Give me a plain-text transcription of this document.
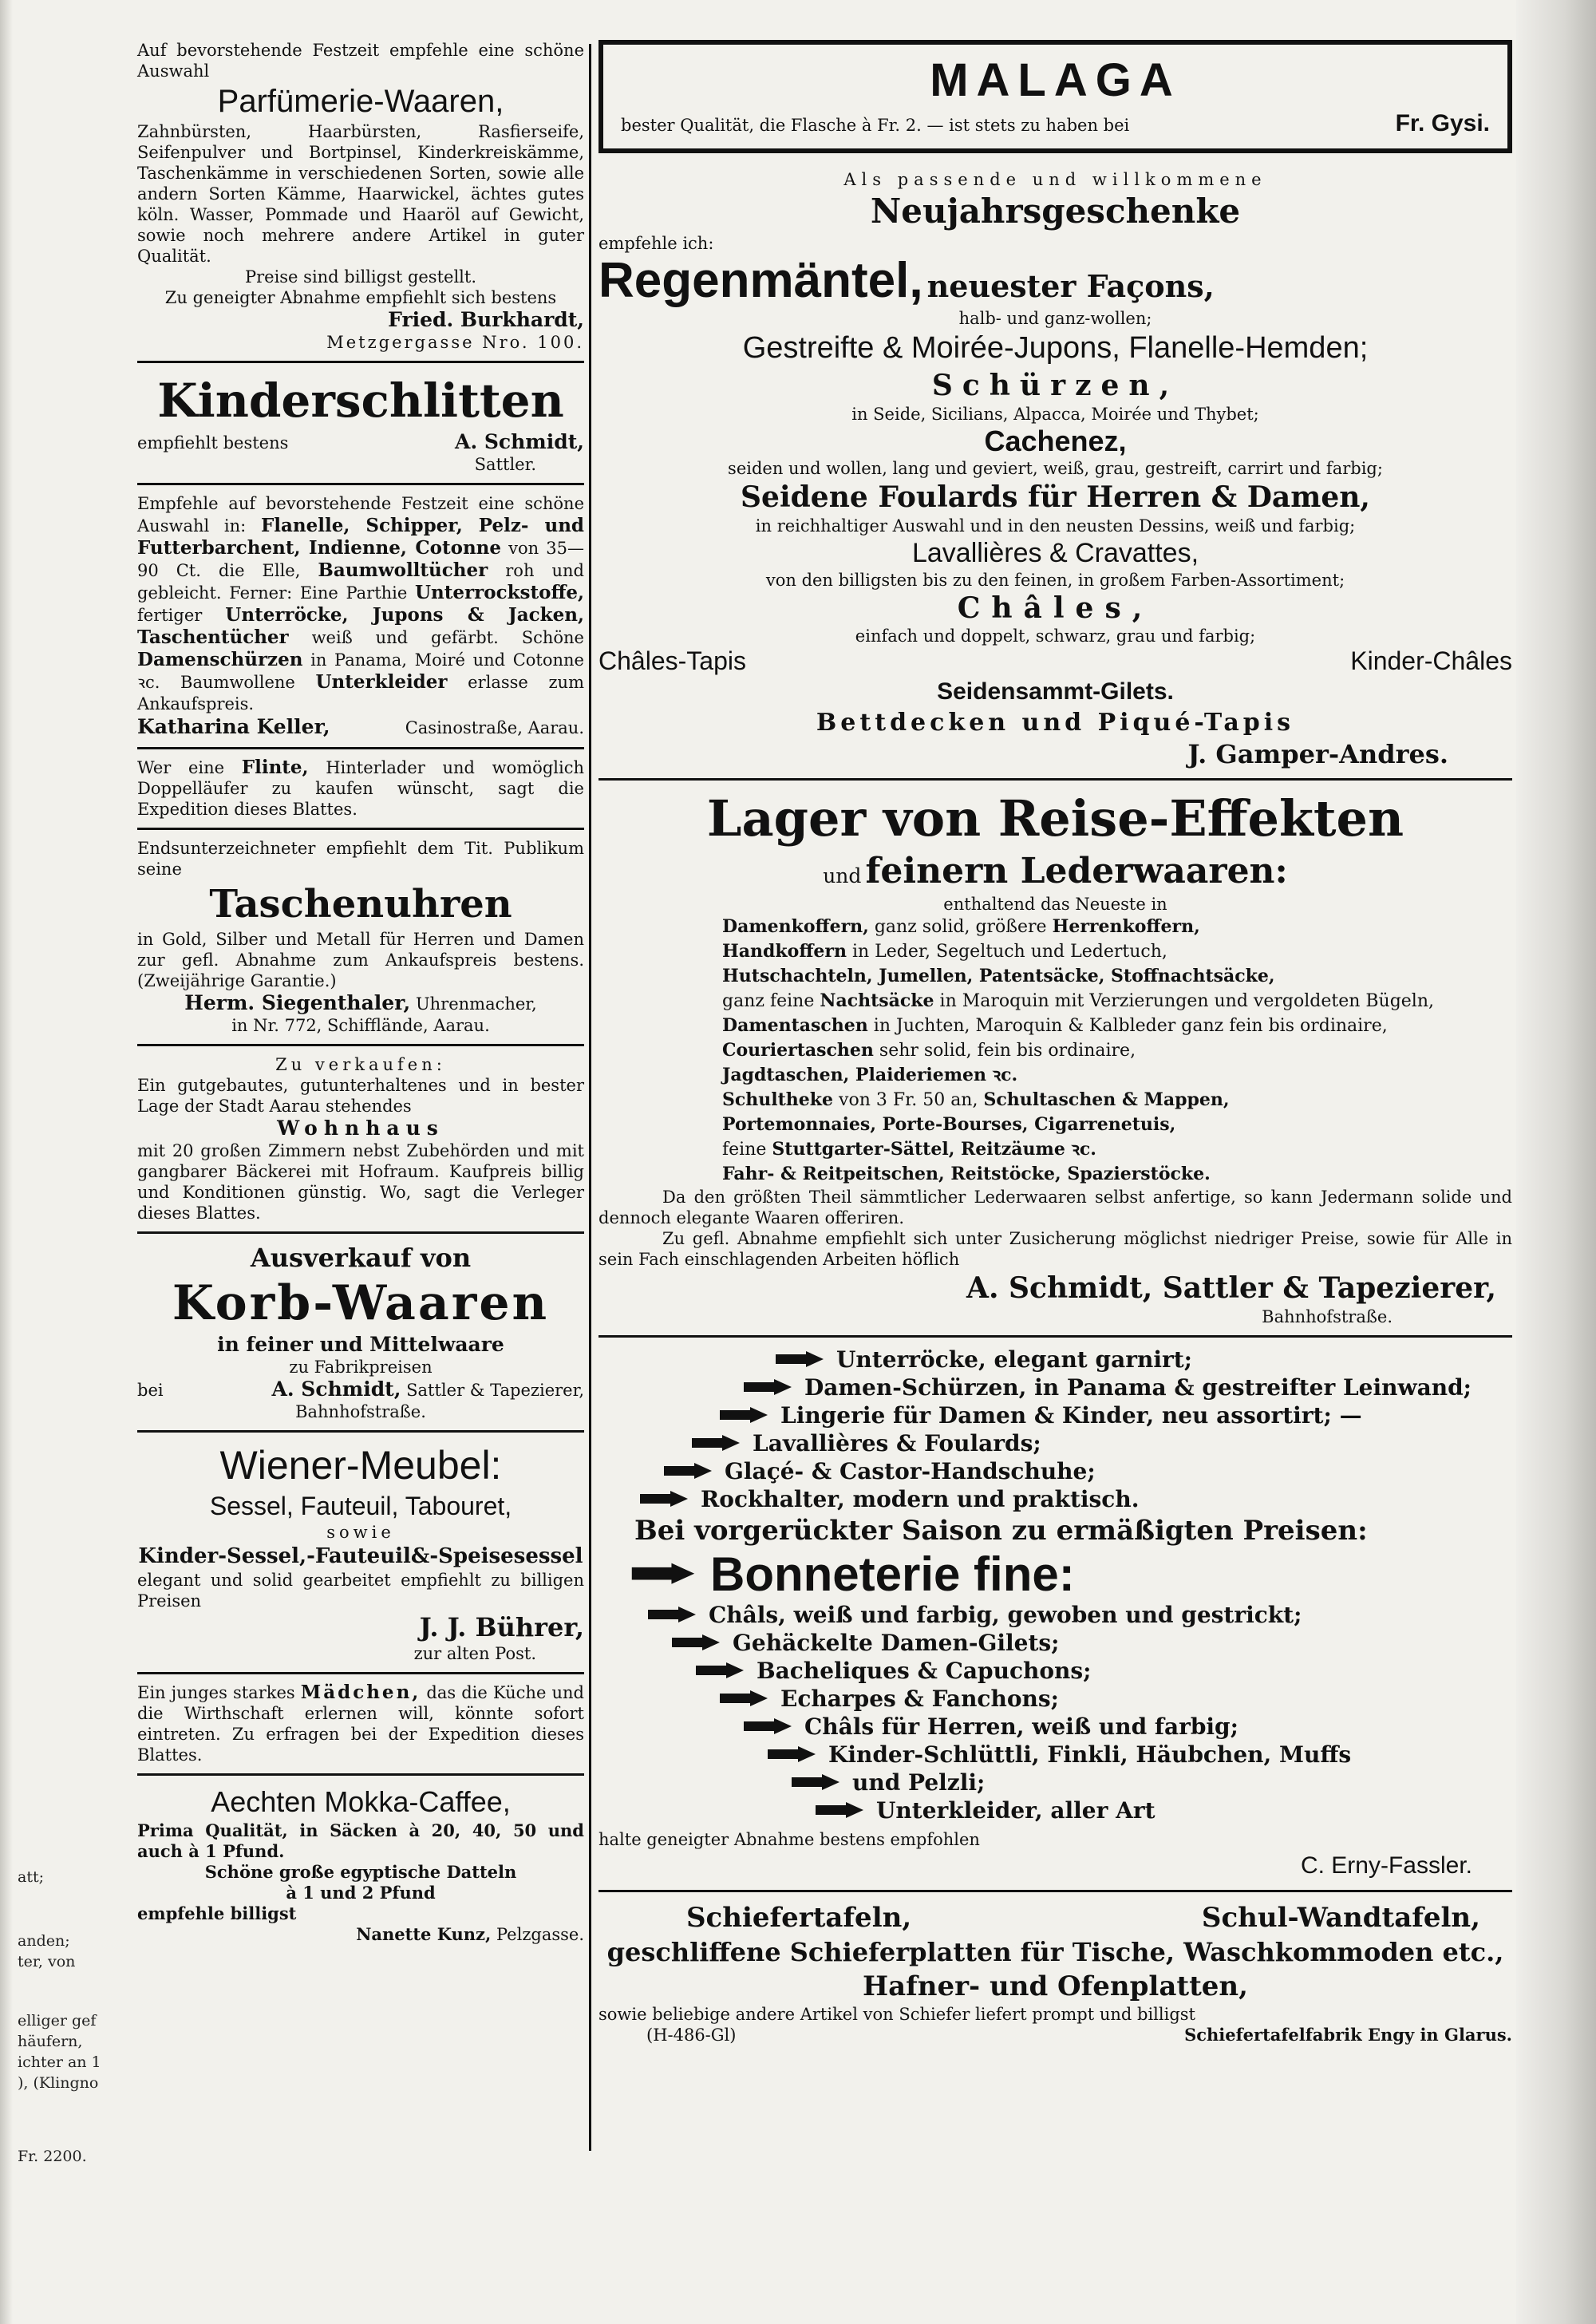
att;
anden;
ter, von
elliger gef
häufern,
ichter an 1
), (Klingno
Fr. 2200.
Auf bevorstehende Festzeit empfehle eine schöne Auswahl
Parfümerie-Waaren,
Zahnbürsten, Haarbürsten, Rasfierseife, Seifenpulver und Bortpinsel, Kinderkreiskämme, Taschenkämme in verschiedenen Sorten, sowie alle andern Sorten Kämme, Haarwickel, ächtes gutes köln. Wasser, Pommade und Haaröl auf Gewicht, sowie noch mehrere andere Artikel in guter Qualität.
Preise sind billigst gestellt.
Zu geneigter Abnahme empfiehlt sich bestens
Fried. Burkhardt,
Metzgergasse Nro. 100.
Kinderschlitten
empfiehlt bestens	A. Schmidt,
Sattler.
Empfehle auf bevorstehende Festzeit eine schöne Auswahl in: Flanelle, Schipper, Pelz- und Futterbarchent, Indienne, Cotonne von 35—90 Ct. die Elle, Baumwolltücher roh und gebleicht. Ferner: Eine Parthie Unterrockstoffe, fertiger Unterröcke, Jupons & Jacken, Taschentücher weiß und gefärbt. Schöne Damenschürzen in Panama, Moiré und Cotonne ꝛc. Baumwollene Unterkleider erlasse zum Ankaufspreis.
Katharina Keller,	Casinostraße, Aarau.
Wer eine Flinte, Hinterlader und womöglich Doppelläufer zu kaufen wünscht, sagt die Expedition dieses Blattes.
Endsunterzeichneter empfiehlt dem Tit. Publikum seine
Taschenuhren
in Gold, Silber und Metall für Herren und Damen zur gefl. Abnahme zum Ankaufspreis bestens. (Zweijährige Garantie.)
Herm. Siegenthaler, Uhrenmacher,
in Nr. 772, Schifflände, Aarau.
Zu verkaufen:
Ein gutgebautes, gutunterhaltenes und in bester Lage der Stadt Aarau stehendes
Wohnhaus
mit 20 großen Zimmern nebst Zubehörden und mit gangbarer Bäckerei mit Hofraum. Kaufpreis billig und Konditionen günstig. Wo, sagt die Verleger dieses Blattes.
Ausverkauf von
Korb-Waaren
in feiner und Mittelwaare
zu Fabrikpreisen
bei	A. Schmidt, Sattler & Tapezierer,
Bahnhofstraße.
Wiener-Meubel:
Sessel, Fauteuil, Tabouret,
sowie
Kinder-Sessel,-Fauteuil&-Speisesessel
elegant und solid gearbeitet empfiehlt zu billigen Preisen
J. J. Bührer,
zur alten Post.
Ein junges starkes Mädchen, das die Küche und die Wirthschaft erlernen will, könnte sofort eintreten. Zu erfragen bei der Expedition dieses Blattes.
Aechten Mokka-Caffee,
Prima Qualität, in Säcken à 20, 40, 50 und auch à 1 Pfund.
Schöne große egyptische Datteln
à 1 und 2 Pfund
empfehle billigst
Nanette Kunz, Pelzgasse.
MALAGA
bester Qualität, die Flasche à Fr. 2. — ist stets zu haben bei	Fr. Gysi.
Als passende und willkommene
Neujahrsgeschenke
empfehle ich:
Regenmäntel, neuester Façons,
halb- und ganz-wollen;
Gestreifte & Moirée-Jupons, Flanelle-Hemden;
Schürzen,
in Seide, Sicilians, Alpacca, Moirée und Thybet;
Cachenez,
seiden und wollen, lang und geviert, weiß, grau, gestreift, carrirt und farbig;
Seidene Foulards für Herren & Damen,
in reichhaltiger Auswahl und in den neusten Dessins, weiß und farbig;
Lavallières & Cravattes,
von den billigsten bis zu den feinen, in großem Farben-Assortiment;
Châles,
einfach und doppelt, schwarz, grau und farbig;
Châles-Tapis	Kinder-Châles
Seidensammt-Gilets.
Bettdecken und Piqué-Tapis
J. Gamper-Andres.
Lager von Reise-Effekten
und feinern Lederwaaren:
enthaltend das Neueste in
Damenkoffern, ganz solid, größere Herrenkoffern,
Handkoffern in Leder, Segeltuch und Ledertuch,
Hutschachteln, Jumellen, Patentsäcke, Stoffnachtsäcke,
ganz feine Nachtsäcke in Maroquin mit Verzierungen und vergoldeten Bügeln,
Damentaschen in Juchten, Maroquin & Kalbleder ganz fein bis ordinaire,
Couriertaschen sehr solid, fein bis ordinaire,
Jagdtaschen, Plaideriemen ꝛc.
Schultheke von 3 Fr. 50 an, Schultaschen & Mappen,
Portemonnaies, Porte-Bourses, Cigarrenetuis,
feine Stuttgarter-Sättel, Reitzäume ꝛc.
Fahr- & Reitpeitschen, Reitstöcke, Spazierstöcke.
Da den größten Theil sämmtlicher Lederwaaren selbst anfertige, so kann Jedermann solide und dennoch elegante Waaren offeriren.
Zu gefl. Abnahme empfiehlt sich unter Zusicherung möglichst niedriger Preise, sowie für Alle in sein Fach einschlagenden Arbeiten höflich
A. Schmidt, Sattler & Tapezierer,
Bahnhofstraße.
Unterröcke, elegant garnirt;
Damen-Schürzen, in Panama & gestreifter Leinwand;
Lingerie für Damen & Kinder, neu assortirt; —
Lavallières & Foulards;
Glaçé- & Castor-Handschuhe;
Rockhalter, modern und praktisch.
Bei vorgerückter Saison zu ermäßigten Preisen:
Bonneterie fine:
Châls, weiß und farbig, gewoben und gestrickt;
Gehäckelte Damen-Gilets;
Bacheliques & Capuchons;
Echarpes & Fanchons;
Châls für Herren, weiß und farbig;
Kinder-Schlüttli, Finkli, Häubchen, Muffs
und Pelzli;
Unterkleider, aller Art
halte geneigter Abnahme bestens empfohlen
C. Erny-Fassler.
Schiefertafeln,	Schul-Wandtafeln,
geschliffene Schieferplatten für Tische, Waschkommoden etc.,
Hafner- und Ofenplatten,
sowie beliebige andere Artikel von Schiefer liefert prompt und billigst
(H-486-Gl)	Schiefertafelfabrik Engy in Glarus.
